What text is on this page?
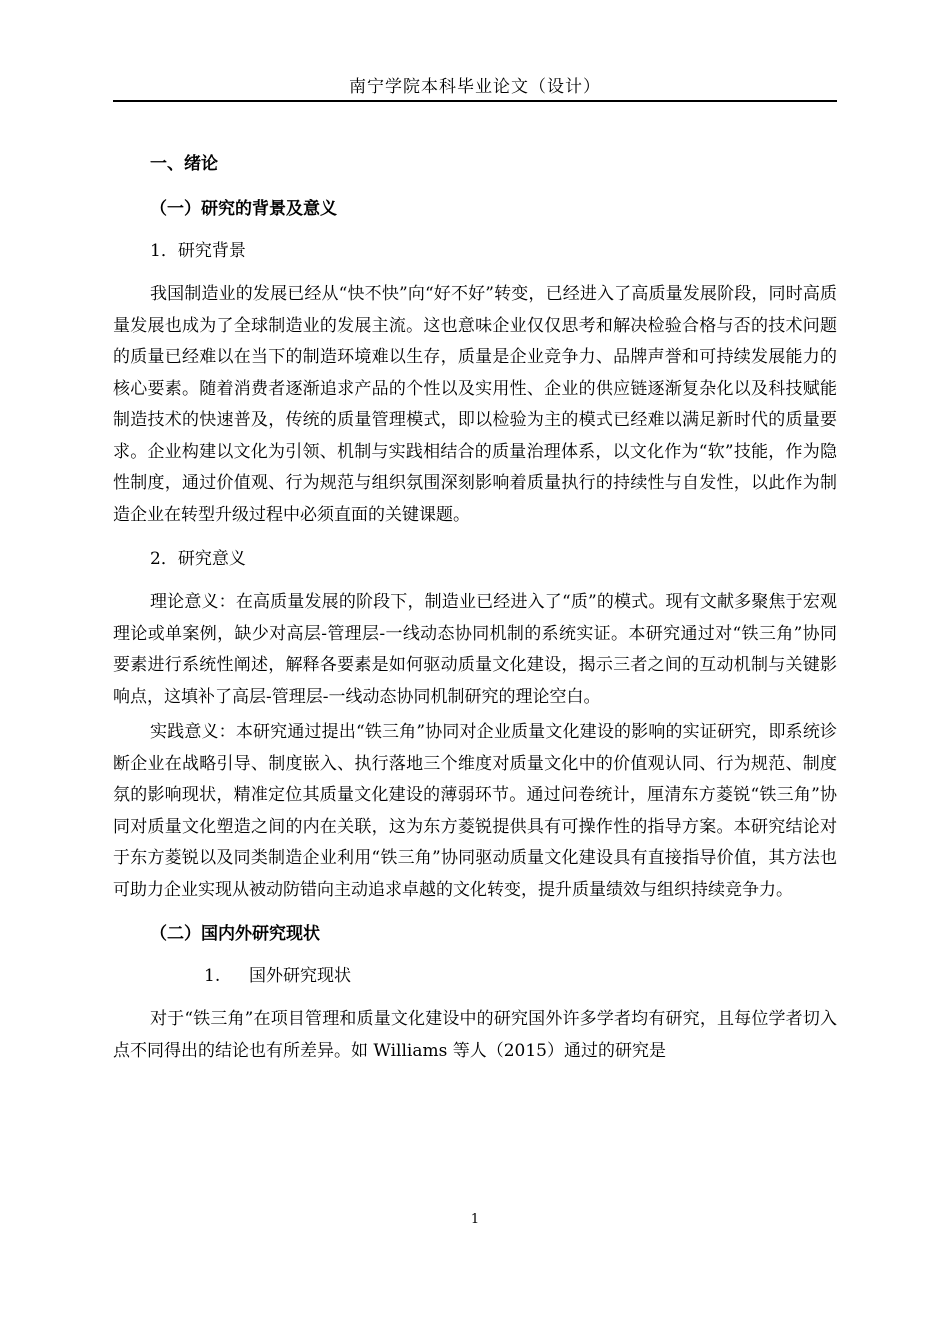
南宁学院本科毕业论文（设计）
一、绪论
（一）研究的背景及意义
1．研究背景

我国制造业的发展已经从“快不快”向“好不好”转变，已经进入了高质量发展阶段，同时高质量发展也成为了全球制造业的发展主流。这也意味企业仅仅思考和解决检验合格与否的技术问题的质量已经难以在当下的制造环境难以生存，质量是企业竞争力、品牌声誉和可持续发展能力的核心要素。随着消费者逐渐追求产品的个性以及实用性、企业的供应链逐渐复杂化以及科技赋能制造技术的快速普及，传统的质量管理模式，即以检验为主的模式已经难以满足新时代的质量要求。企业构建以文化为引领、机制与实践相结合的质量治理体系，以文化作为“软”技能，作为隐性制度，通过价值观、行为规范与组织氛围深刻影响着质量执行的持续性与自发性，以此作为制造企业在转型升级过程中必须直面的关键课题。

2．研究意义

理论意义：在高质量发展的阶段下，制造业已经进入了“质”的模式。现有文献多聚焦于宏观理论或单案例，缺少对高层-管理层-一线动态协同机制的系统实证。本研究通过对“铁三角”协同要素进行系统性阐述，解释各要素是如何驱动质量文化建设，揭示三者之间的互动机制与关键影响点，这填补了高层-管理层-一线动态协同机制研究的理论空白。

实践意义：本研究通过提出“铁三角”协同对企业质量文化建设的影响的实证研究，即系统诊断企业在战略引导、制度嵌入、执行落地三个维度对质量文化中的价值观认同、行为规范、制度氛的影响现状，精准定位其质量文化建设的薄弱环节。通过问卷统计，厘清东方菱锐“铁三角”协同对质量文化塑造之间的内在关联，这为东方菱锐提供具有可操作性的指导方案。本研究结论对于东方菱锐以及同类制造企业利用“铁三角”协同驱动质量文化建设具有直接指导价值，其方法也可助力企业实现从被动防错向主动追求卓越的文化转变，提升质量绩效与组织持续竞争力。

（二）国内外研究现状
1. 国外研究现状

对于“铁三角”在项目管理和质量文化建设中的研究国外许多学者均有研究，且每位学者切入点不同得出的结论也有所差异。如 Williams 等人（2015）通过的研究是

1
